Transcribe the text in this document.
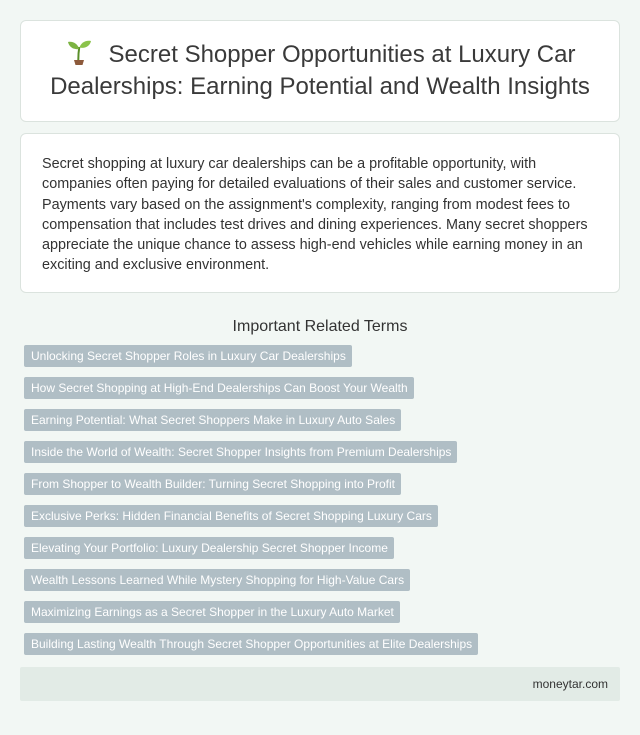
Secret Shopper Opportunities at Luxury Car Dealerships: Earning Potential and Wealth Insights

Secret shopping at luxury car dealerships can be a profitable opportunity, with companies often paying for detailed evaluations of their sales and customer service. Payments vary based on the assignment's complexity, ranging from modest fees to compensation that includes test drives and dining experiences. Many secret shoppers appreciate the unique chance to assess high-end vehicles while earning money in an exciting and exclusive environment.

Important Related Terms
Unlocking Secret Shopper Roles in Luxury Car Dealerships
How Secret Shopping at High-End Dealerships Can Boost Your Wealth
Earning Potential: What Secret Shoppers Make in Luxury Auto Sales
Inside the World of Wealth: Secret Shopper Insights from Premium Dealerships
From Shopper to Wealth Builder: Turning Secret Shopping into Profit
Exclusive Perks: Hidden Financial Benefits of Secret Shopping Luxury Cars
Elevating Your Portfolio: Luxury Dealership Secret Shopper Income
Wealth Lessons Learned While Mystery Shopping for High-Value Cars
Maximizing Earnings as a Secret Shopper in the Luxury Auto Market
Building Lasting Wealth Through Secret Shopper Opportunities at Elite Dealerships
moneytar.com
